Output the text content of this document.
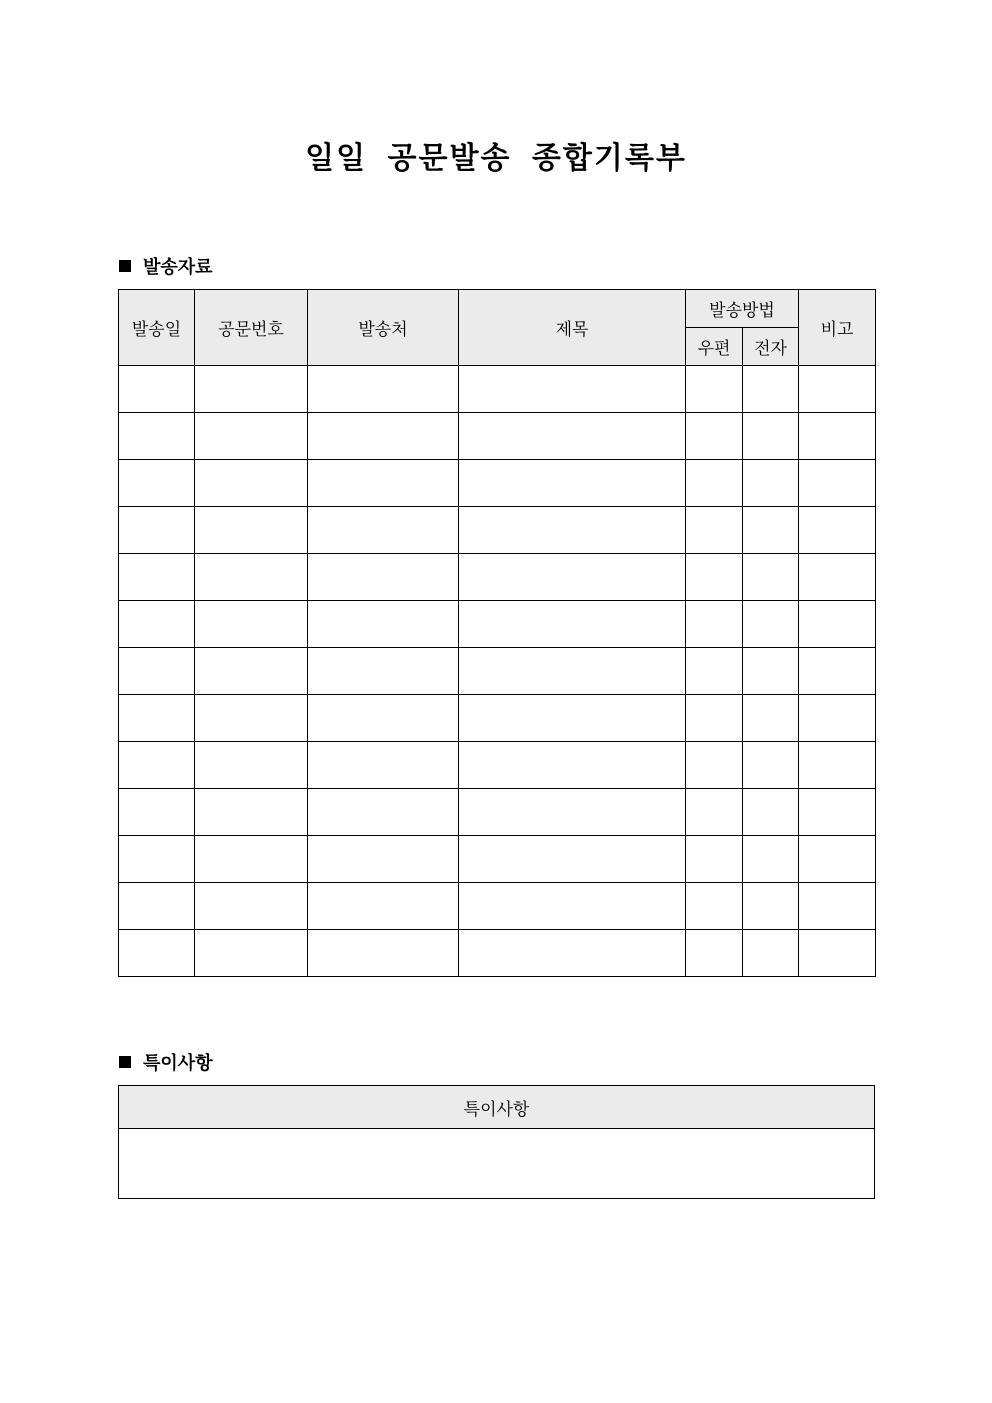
일일 공문발송 종합기록부
발송자료
발송일	공문번호	발송처	제목	발송방법		비고
				우편	전자	

특이사항
특이사항
